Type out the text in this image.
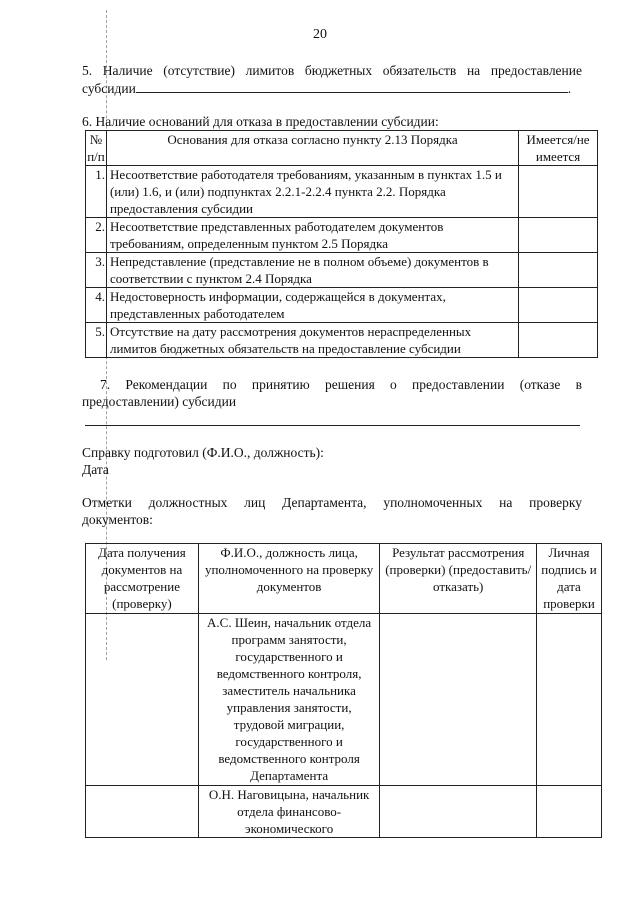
20
5. Наличие (отсутствие) лимитов бюджетных обязательств на предоставление
субсидии	.
6. Наличие оснований для отказа в предоставлении субсидии:
№ п/п	Основания для отказа согласно пункту 2.13 Порядка	Имеется/не имеется
1.	Несоответствие работодателя требованиям, указанным в пунктах 1.5 и (или) 1.6, и (или) подпунктах 2.2.1-2.2.4 пункта 2.2. Порядка предоставления субсидии	
2.	Несоответствие представленных работодателем документов требованиям, определенным пунктом 2.5 Порядка	
3.	Непредставление (представление не в полном объеме) документов в соответствии с пунктом 2.4 Порядка	
4.	Недостоверность информации, содержащейся в документах, представленных работодателем	
5.	Отсутствие на дату рассмотрения документов нераспределенных лимитов бюджетных обязательств на предоставление субсидии	
7. Рекомендации по принятию решения о предоставлении (отказе в
предоставлении) субсидии
Справку подготовил (Ф.И.О., должность):
Дата
Отметки должностных лиц Департамента, уполномоченных на проверку
документов:
Дата получения документов на рассмотрение (проверку)	Ф.И.О., должность лица, уполномоченного на проверку документов	Результат рассмотрения (проверки) (предоставить/отказать)	Личная подпись и дата проверки
	А.С. Шеин, начальник отдела программ занятости, государственного и ведомственного контроля, заместитель начальника управления занятости, трудовой миграции, государственного и ведомственного контроля Департамента		
	О.Н. Наговицына, начальник отдела финансово-экономического		
